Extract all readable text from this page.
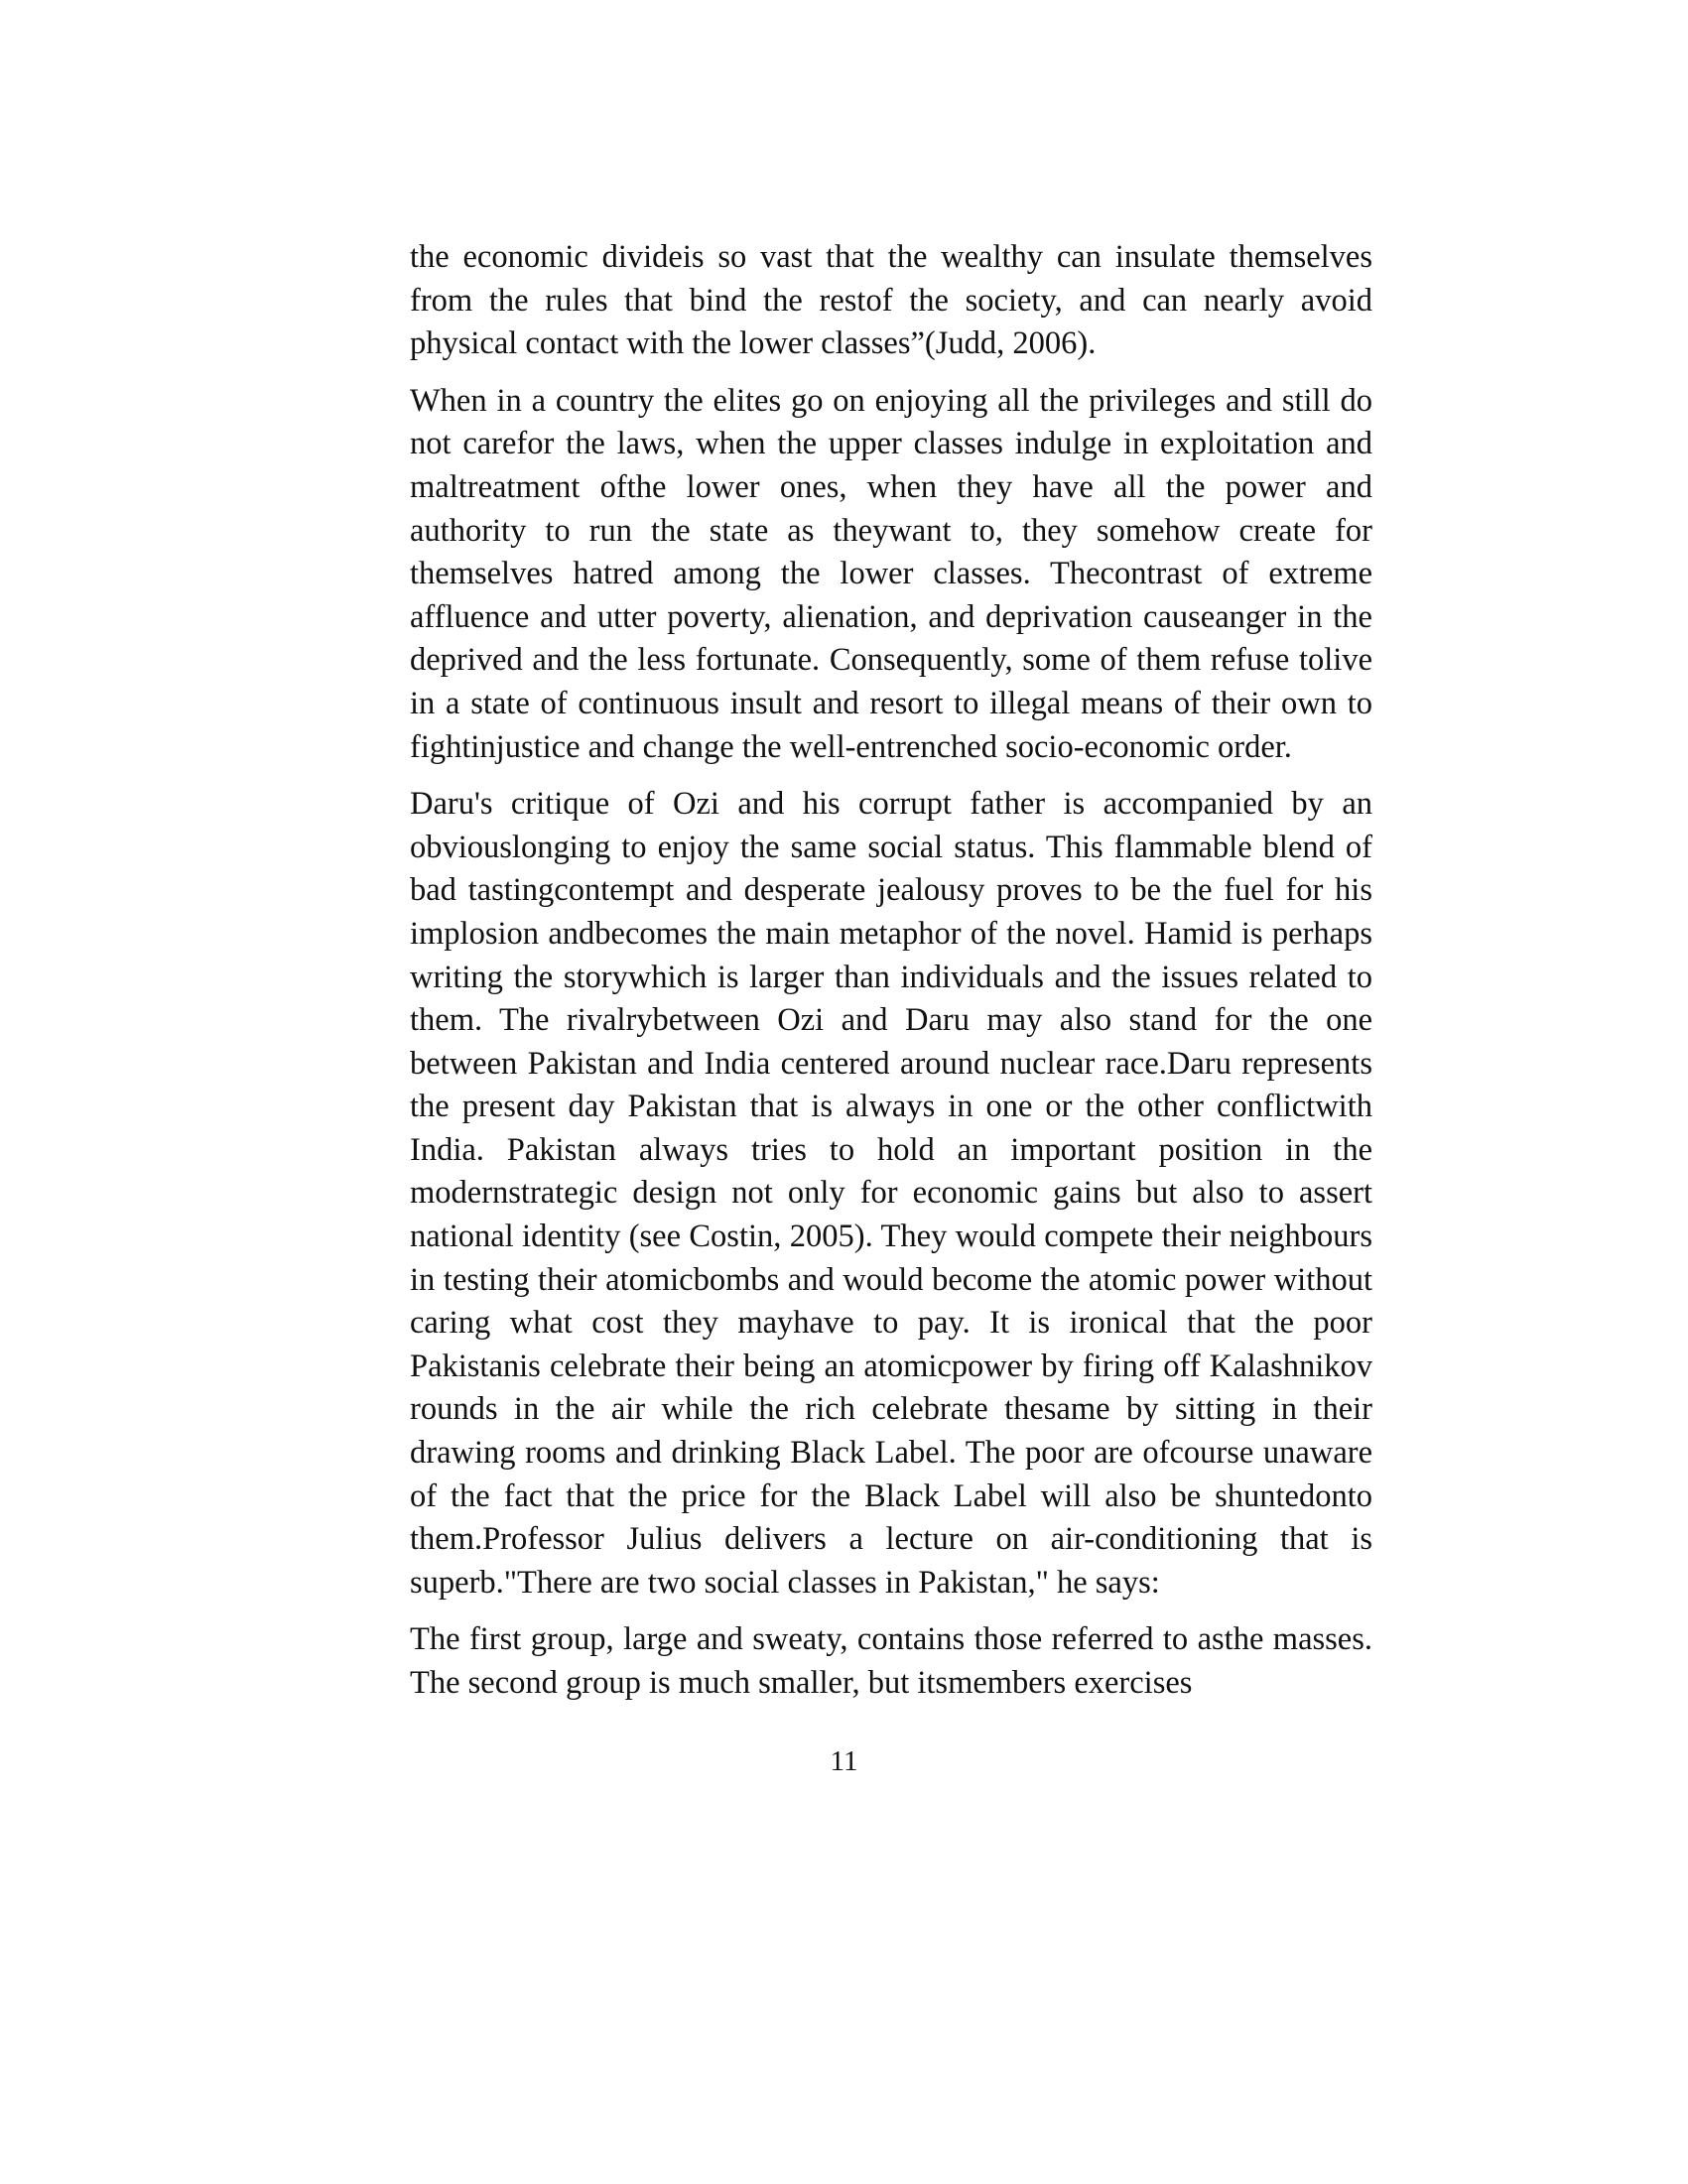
the economic divideis so vast that the wealthy can insulate themselves from the rules that bind the restof the society, and can nearly avoid physical contact with the lower classes”(Judd, 2006).

When in a country the elites go on enjoying all the privileges and still do not carefor the laws, when the upper classes indulge in exploitation and maltreatment ofthe lower ones, when they have all the power and authority to run the state as theywant to, they somehow create for themselves hatred among the lower classes. Thecontrast of extreme affluence and utter poverty, alienation, and deprivation causeanger in the deprived and the less fortunate. Consequently, some of them refuse tolive in a state of continuous insult and resort to illegal means of their own to fightinjustice and change the well-entrenched socio-economic order.

Daru's critique of Ozi and his corrupt father is accompanied by an obviouslonging to enjoy the same social status. This flammable blend of bad tastingcontempt and desperate jealousy proves to be the fuel for his implosion andbecomes the main metaphor of the novel. Hamid is perhaps writing the storywhich is larger than individuals and the issues related to them. The rivalrybetween Ozi and Daru may also stand for the one between Pakistan and India centered around nuclear race.Daru represents the present day Pakistan that is always in one or the other conflictwith India. Pakistan always tries to hold an important position in the modernstrategic design not only for economic gains but also to assert national identity (see Costin, 2005). They would compete their neighbours in testing their atomicbombs and would become the atomic power without caring what cost they mayhave to pay. It is ironical that the poor Pakistanis celebrate their being an atomicpower by firing off Kalashnikov rounds in the air while the rich celebrate thesame by sitting in their drawing rooms and drinking Black Label. The poor are ofcourse unaware of the fact that the price for the Black Label will also be shuntedonto them.Professor Julius delivers a lecture on air-conditioning that is superb."There are two social classes in Pakistan," he says:

The first group, large and sweaty, contains those referred to asthe masses. The second group is much smaller, but itsmembers exercises

11
